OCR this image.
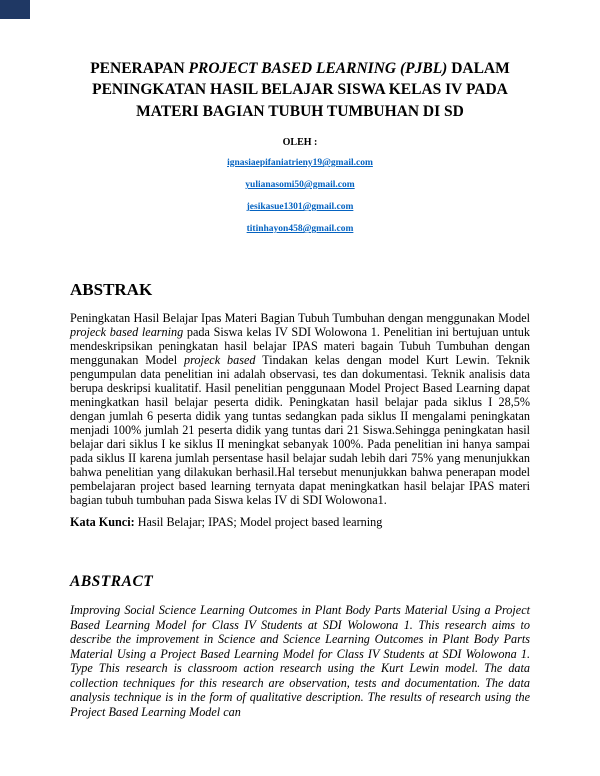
PENERAPAN PROJECT BASED LEARNING (PJBL) DALAM
PENINGKATAN HASIL BELAJAR SISWA KELAS IV PADA
MATERI BAGIAN TUBUH TUMBUHAN DI SD
OLEH :
ignasiaepifaniatrieny19@gmail.com
yulianasomi50@gmail.com
jesikasue1301@gmail.com
titinhayon458@gmail.com
ABSTRAK

Peningkatan Hasil Belajar Ipas Materi Bagian Tubuh Tumbuhan dengan menggunakan Model projeck based learning pada Siswa kelas IV SDI Wolowona 1. Penelitian ini bertujuan untuk mendeskripsikan peningkatan hasil belajar IPAS materi bagain Tubuh Tumbuhan dengan menggunakan Model projeck based Tindakan kelas dengan model Kurt Lewin. Teknik pengumpulan data penelitian ini adalah observasi, tes dan dokumentasi. Teknik analisis data berupa deskripsi kualitatif. Hasil penelitian penggunaan Model Project Based Learning dapat meningkatkan hasil belajar peserta didik. Peningkatan hasil belajar pada siklus I 28,5% dengan jumlah 6 peserta didik yang tuntas sedangkan pada siklus II mengalami peningkatan menjadi 100% jumlah 21 peserta didik yang tuntas dari 21 Siswa.Sehingga peningkatan hasil belajar dari siklus I ke siklus II meningkat sebanyak 100%. Pada penelitian ini hanya sampai pada siklus II karena jumlah persentase hasil belajar sudah lebih dari 75% yang menunjukkan bahwa penelitian yang dilakukan berhasil.Hal tersebut menunjukkan bahwa penerapan model pembelajaran project based learning ternyata dapat meningkatkan hasil belajar IPAS materi bagian tubuh tumbuhan pada Siswa kelas IV di SDI Wolowona1.

Kata Kunci: Hasil Belajar; IPAS; Model project based learning

ABSTRACT

Improving Social Science Learning Outcomes in Plant Body Parts Material Using a Project Based Learning Model for Class IV Students at SDI Wolowona 1. This research aims to describe the improvement in Science and Science Learning Outcomes in Plant Body Parts Material Using a Project Based Learning Model for Class IV Students at SDI Wolowona 1. Type This research is classroom action research using the Kurt Lewin model. The data collection techniques for this research are observation, tests and documentation. The data analysis technique is in the form of qualitative description. The results of research using the Project Based Learning Model can
